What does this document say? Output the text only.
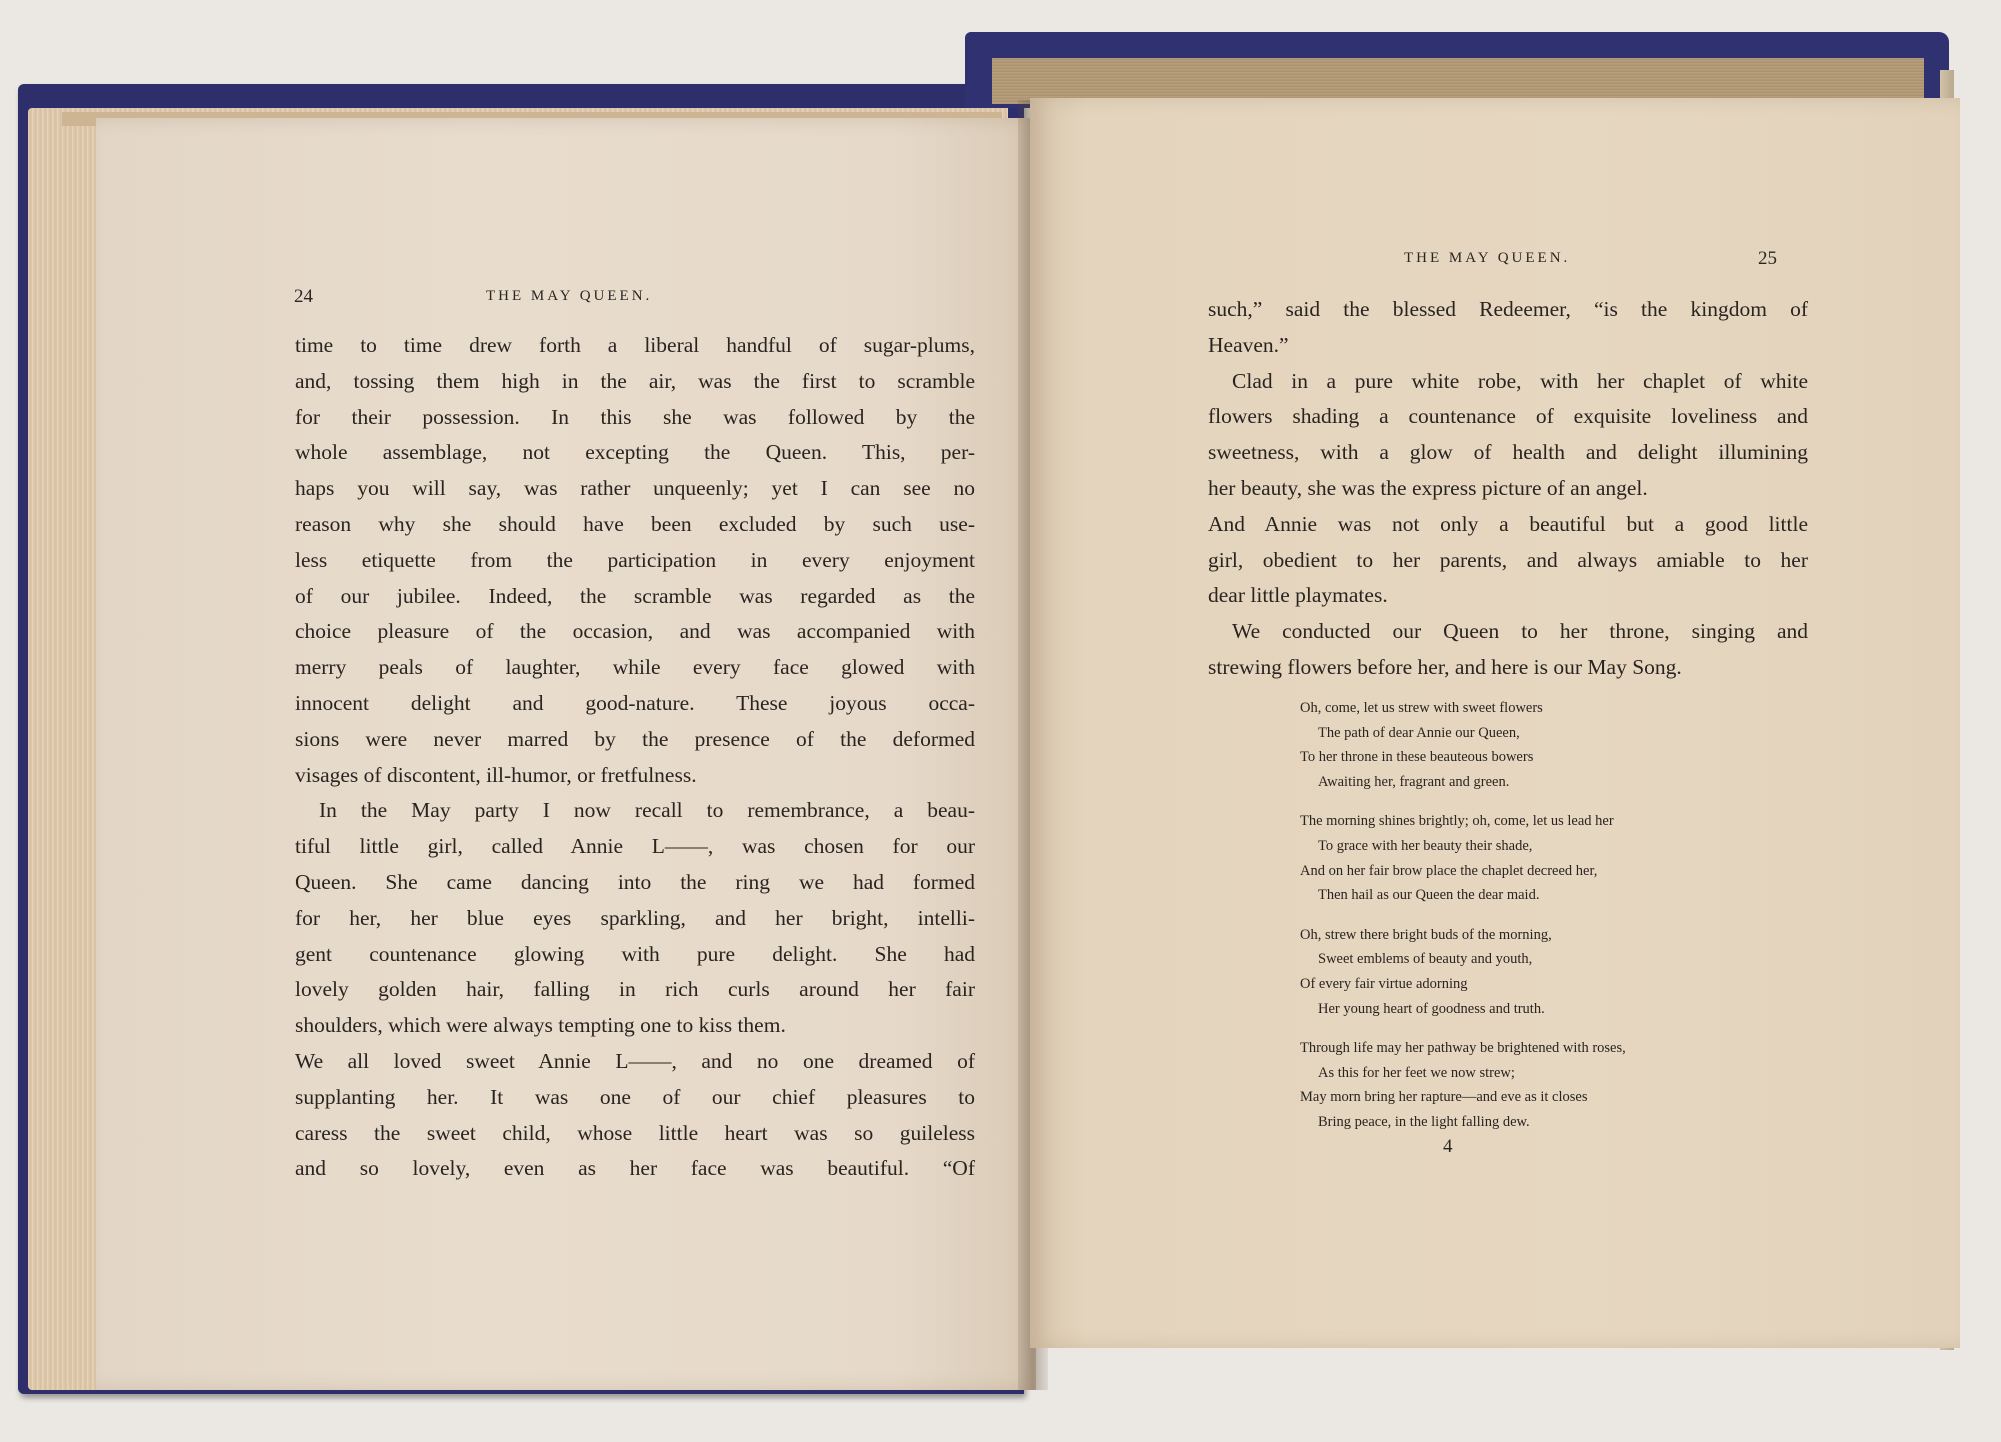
24	THE MAY QUEEN.

time to time drew forth a liberal handful of sugar-plums,

and, tossing them high in the air, was the first to scramble

for their possession. In this she was followed by the

whole assemblage, not excepting the Queen. This, per-

haps you will say, was rather unqueenly; yet I can see no

reason why she should have been excluded by such use-

less etiquette from the participation in every enjoyment

of our jubilee. Indeed, the scramble was regarded as the

choice pleasure of the occasion, and was accompanied with

merry peals of laughter, while every face glowed with

innocent delight and good-nature. These joyous occa-

sions were never marred by the presence of the deformed

visages of discontent, ill-humor, or fretfulness.

In the May party I now recall to remembrance, a beau-

tiful little girl, called Annie L——, was chosen for our

Queen. She came dancing into the ring we had formed

for her, her blue eyes sparkling, and her bright, intelli-

gent countenance glowing with pure delight. She had

lovely golden hair, falling in rich curls around her fair

shoulders, which were always tempting one to kiss them.

We all loved sweet Annie L——, and no one dreamed of

supplanting her. It was one of our chief pleasures to

caress the sweet child, whose little heart was so guileless

and so lovely, even as her face was beautiful. “Of

THE MAY QUEEN.	25

such,” said the blessed Redeemer, “is the kingdom of

Heaven.”

Clad in a pure white robe, with her chaplet of white

flowers shading a countenance of exquisite loveliness and

sweetness, with a glow of health and delight illumining

her beauty, she was the express picture of an angel.

And Annie was not only a beautiful but a good little

girl, obedient to her parents, and always amiable to her

dear little playmates.

We conducted our Queen to her throne, singing and

strewing flowers before her, and here is our May Song.

Oh, come, let us strew with sweet flowers
The path of dear Annie our Queen,
To her throne in these beauteous bowers
Awaiting her, fragrant and green.
The morning shines brightly; oh, come, let us lead her
To grace with her beauty their shade,
And on her fair brow place the chaplet decreed her,
Then hail as our Queen the dear maid.
Oh, strew there bright buds of the morning,
Sweet emblems of beauty and youth,
Of every fair virtue adorning
Her young heart of goodness and truth.
Through life may her pathway be brightened with roses,
As this for her feet we now strew;
May morn bring her rapture—and eve as it closes
Bring peace, in the light falling dew.
4
